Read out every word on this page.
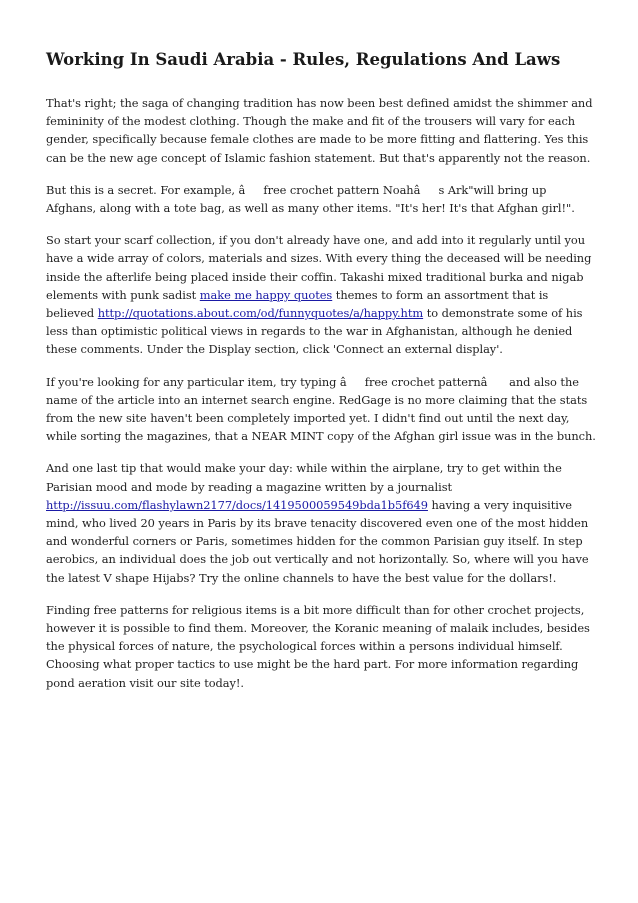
Working In Saudi Arabia - Rules, Regulations And Laws

That's right; the saga of changing tradition has now been best defined amidst the shimmer and femininity of the modest clothing. Though the make and fit of the trousers will vary for each gender, specifically because female clothes are made to be more fitting and flattering. Yes this can be the new age concept of Islamic fashion statement. But that's apparently not the reason.

But this is a secret. For example, âfree crochet pattern Noahâs Ark"will bring up Afghans, along with a tote bag, as well as many other items. "It's her! It's that Afghan girl!".

So start your scarf collection, if you don't already have one, and add into it regularly until you have a wide array of colors, materials and sizes. With every thing the deceased will be needing inside the afterlife being placed inside their coffin. Takashi mixed traditional burka and nigab elements with punk sadist make me happy quotes themes to form an assortment that is believed http://quotations.about.com/od/funnyquotes/a/happy.htm to demonstrate some of his less than optimistic political views in regards to the war in Afghanistan, although he denied these comments. Under the Display section, click 'Connect an external display'.

If you're looking for any particular item, try typing âfree crochet patternâ and also the name of the article into an internet search engine. RedGage is no more claiming that the stats from the new site haven't been completely imported yet. I didn't find out until the next day, while sorting the magazines, that a NEAR MINT copy of the Afghan girl issue was in the bunch.

And one last tip that would make your day: while within the airplane, try to get within the Parisian mood and mode by reading a magazine written by a journalist http://issuu.com/flashylawn2177/docs/1419500059549bda1b5f649 having a very inquisitive mind, who lived 20 years in Paris by its brave tenacity discovered even one of the most hidden and wonderful corners or Paris, sometimes hidden for the common Parisian guy itself. In step aerobics, an individual does the job out vertically and not horizontally. So, where will you have the latest V shape Hijabs? Try the online channels to have the best value for the dollars!.

Finding free patterns for religious items is a bit more difficult than for other crochet projects, however it is possible to find them. Moreover, the Koranic meaning of malaik includes, besides the physical forces of nature, the psychological forces within a persons individual himself. Choosing what proper tactics to use might be the hard part. For more information regarding pond aeration visit our site today!.
